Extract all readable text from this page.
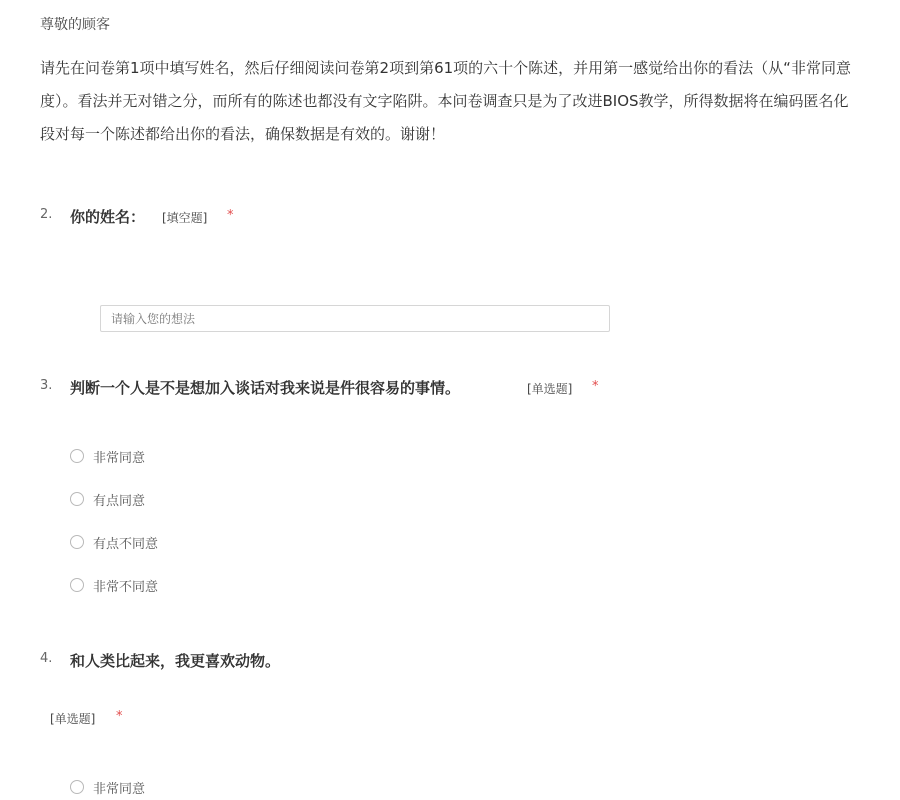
尊敬的顾客
请先在问卷第1项中填写姓名，然后仔细阅读问卷第2项到第61项的六十个陈述，并用第一感觉给出你的看法（从“非常同意
度）。看法并无对错之分，而所有的陈述也都没有文字陷阱。本问卷调查只是为了改进BIOS教学，所得数据将在编码匿名化
段对每一个陈述都给出你的看法，确保数据是有效的。谢谢！
2. 你的姓名： [填空题] *
请输入您的想法
3. 判断一个人是不是想加入谈话对我来说是件很容易的事情。	[单选题] *
非常同意
有点同意
有点不同意
非常不同意
4. 和人类比起来，我更喜欢动物。
[单选题] *
非常同意
